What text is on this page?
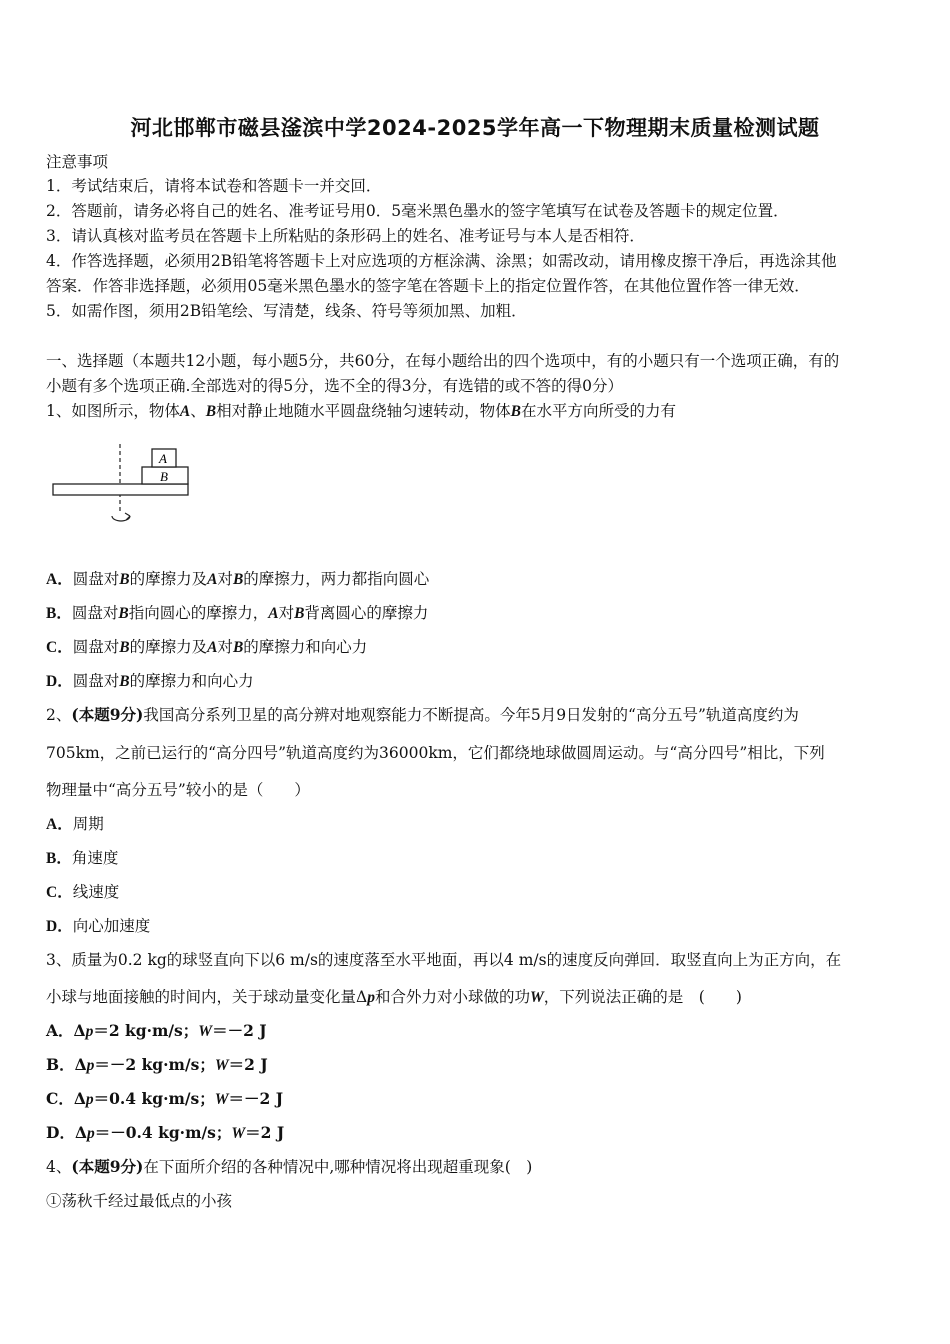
河北邯郸市磁县滏滨中学2024-2025学年高一下物理期末质量检测试题
注意事项
1．考试结束后，请将本试卷和答题卡一并交回．
2．答题前，请务必将自己的姓名、准考证号用0．5毫米黑色墨水的签字笔填写在试卷及答题卡的规定位置．
3．请认真核对监考员在答题卡上所粘贴的条形码上的姓名、准考证号与本人是否相符．
4．作答选择题，必须用2B铅笔将答题卡上对应选项的方框涂满、涂黑；如需改动，请用橡皮擦干净后，再选涂其他
答案．作答非选择题，必须用05毫米黑色墨水的签字笔在答题卡上的指定位置作答，在其他位置作答一律无效．
5．如需作图，须用2B铅笔绘、写清楚，线条、符号等须加黑、加粗．
一、选择题（本题共12小题，每小题5分，共60分，在每小题给出的四个选项中，有的小题只有一个选项正确，有的
小题有多个选项正确.全部选对的得5分，选不全的得3分，有选错的或不答的得0分）
1、如图所示，物体A、B相对静止地随水平圆盘绕轴匀速转动，物体B在水平方向所受的力有
A
B
A．圆盘对B的摩擦力及A对B的摩擦力，两力都指向圆心
B．圆盘对B指向圆心的摩擦力，A对B背离圆心的摩擦力
C．圆盘对B的摩擦力及A对B的摩擦力和向心力
D．圆盘对B的摩擦力和向心力
2、(本题9分)我国高分系列卫星的高分辨对地观察能力不断提高。今年5月9日发射的“高分五号”轨道高度约为
705km，之前已运行的“高分四号”轨道高度约为36000km，它们都绕地球做圆周运动。与“高分四号”相比，下列
物理量中“高分五号”较小的是（　　）
A．周期
B．角速度
C．线速度
D．向心加速度
3、质量为0.2 kg的球竖直向下以6 m/s的速度落至水平地面，再以4 m/s的速度反向弹回．取竖直向上为正方向，在
小球与地面接触的时间内，关于球动量变化量Δp和合外力对小球做的功W，下列说法正确的是　(　　)
A．Δp＝2 kg·m/s；W＝－2 J
B．Δp＝－2 kg·m/s；W＝2 J
C．Δp＝0.4 kg·m/s；W＝－2 J
D．Δp＝－0.4 kg·m/s；W＝2 J
4、(本题9分)在下面所介绍的各种情况中,哪种情况将出现超重现象(　)
①荡秋千经过最低点的小孩
